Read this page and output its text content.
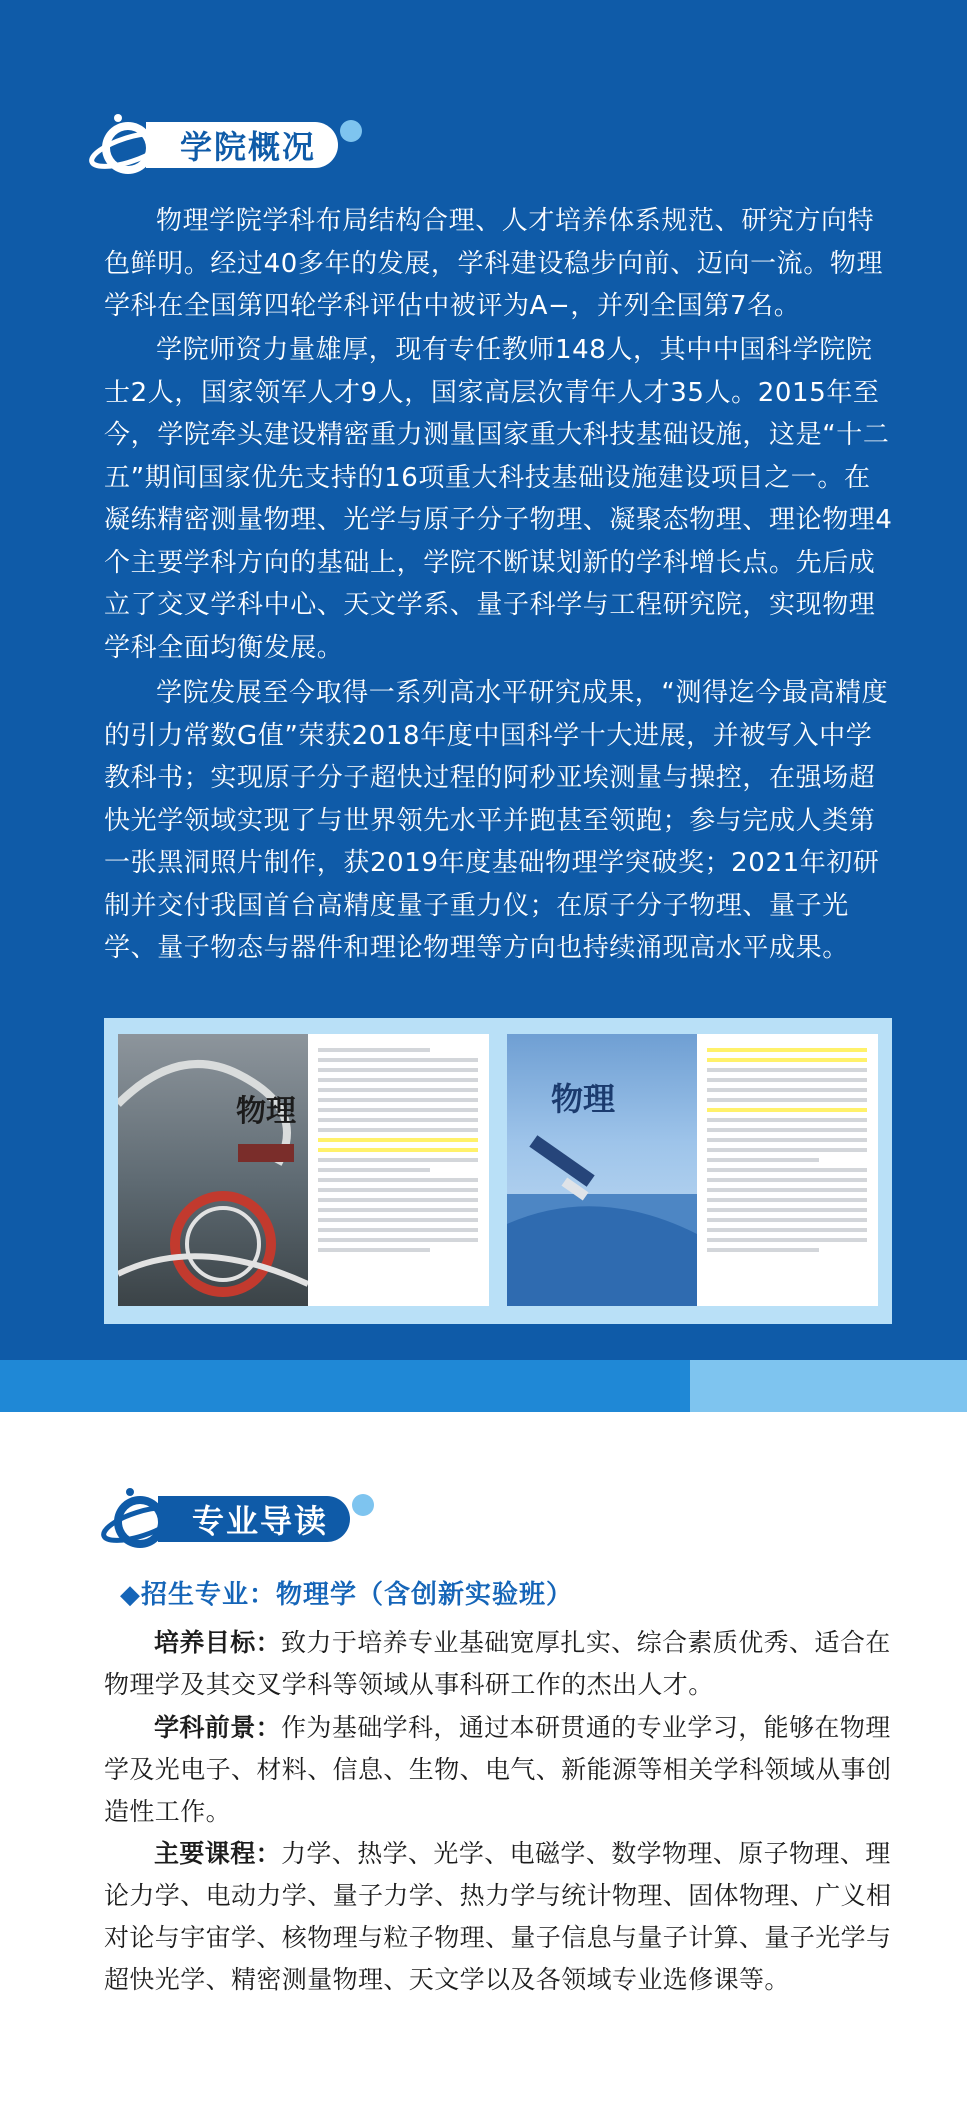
学院概况

物理学院学科布局结构合理、人才培养体系规范、研究方向特色鲜明。经过40多年的发展，学科建设稳步向前、迈向一流。物理学科在全国第四轮学科评估中被评为A−，并列全国第7名。

学院师资力量雄厚，现有专任教师148人，其中中国科学院院士2人，国家领军人才9人，国家高层次青年人才35人。2015年至今，学院牵头建设精密重力测量国家重大科技基础设施，这是“十二五”期间国家优先支持的16项重大科技基础设施建设项目之一。在凝练精密测量物理、光学与原子分子物理、凝聚态物理、理论物理4个主要学科方向的基础上，学院不断谋划新的学科增长点。先后成立了交叉学科中心、天文学系、量子科学与工程研究院，实现物理学科全面均衡发展。

学院发展至今取得一系列高水平研究成果，“测得迄今最高精度的引力常数G值”荣获2018年度中国科学十大进展，并被写入中学教科书；实现原子分子超快过程的阿秒亚埃测量与操控，在强场超快光学领域实现了与世界领先水平并跑甚至领跑；参与完成人类第一张黑洞照片制作，获2019年度基础物理学突破奖；2021年初研制并交付我国首台高精度量子重力仪；在原子分子物理、量子光学、量子物态与器件和理论物理等方向也持续涌现高水平成果。

物理	物理
专业导读
◆招生专业：物理学（含创新实验班）

培养目标：致力于培养专业基础宽厚扎实、综合素质优秀、适合在物理学及其交叉学科等领域从事科研工作的杰出人才。

学科前景：作为基础学科，通过本研贯通的专业学习，能够在物理学及光电子、材料、信息、生物、电气、新能源等相关学科领域从事创造性工作。

主要课程：力学、热学、光学、电磁学、数学物理、原子物理、理论力学、电动力学、量子力学、热力学与统计物理、固体物理、广义相对论与宇宙学、核物理与粒子物理、量子信息与量子计算、量子光学与超快光学、精密测量物理、天文学以及各领域专业选修课等。
